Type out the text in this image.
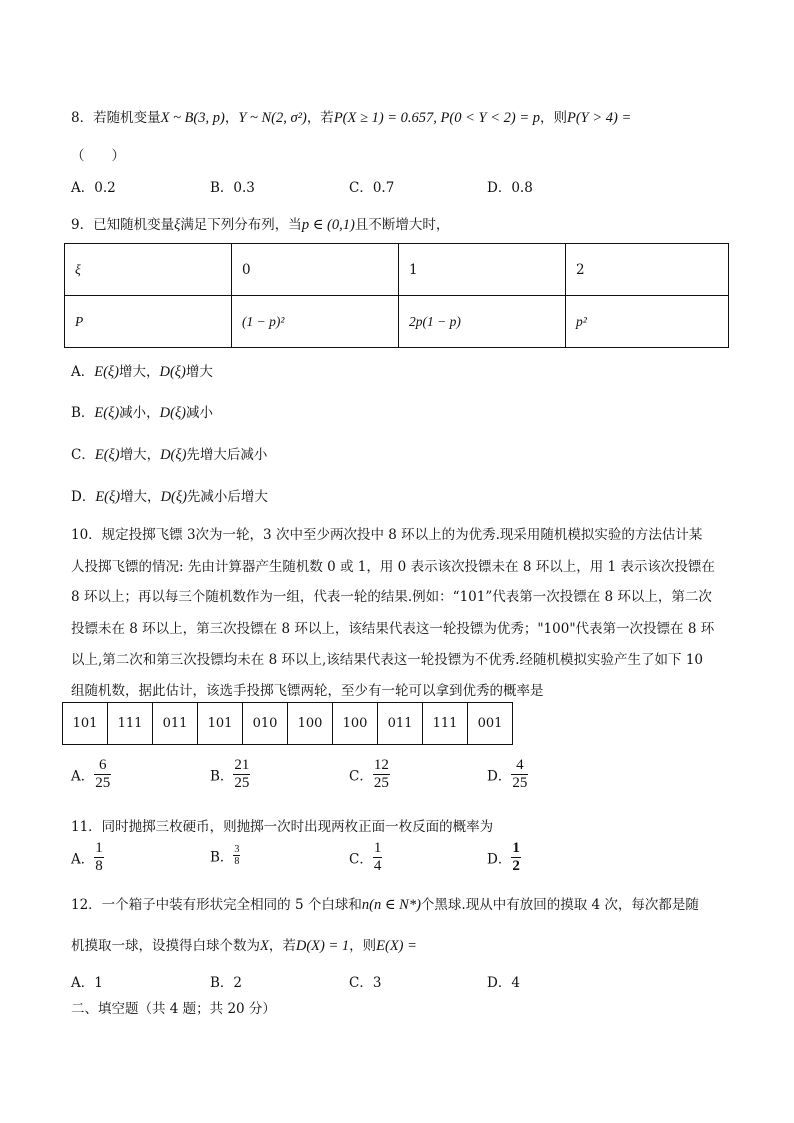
8．若随机变量X ~ B(3, p)，Y ~ N(2, σ²)，若P(X ≥ 1) = 0.657, P(0 < Y < 2) = p，则P(Y > 4) =
（　　）
A．0.2	B．0.3	C．0.7	D．0.8
9．已知随机变量ξ满足下列分布列，当p ∈ (0,1)且不断增大时，
ξ	0	1	2
P	(1 − p)²	2p(1 − p)	p²
A．E(ξ)增大，D(ξ)增大
B．E(ξ)减小，D(ξ)减小
C．E(ξ)增大，D(ξ)先增大后减小
D．E(ξ)增大，D(ξ)先减小后增大
10．规定投掷飞镖 3次为一轮，3 次中至少两次投中 8 环以上的为优秀.现采用随机模拟实验的方法估计某
人投掷飞镖的情况: 先由计算器产生随机数 0 或 1，用 0 表示该次投镖未在 8 环以上，用 1 表示该次投镖在
8 环以上；再以每三个随机数作为一组，代表一轮的结果.例如：“101”代表第一次投镖在 8 环以上，第二次
投镖未在 8 环以上，第三次投镖在 8 环以上，该结果代表这一轮投镖为优秀；"100"代表第一次投镖在 8 环
以上,第二次和第三次投镖均未在 8 环以上,该结果代表这一轮投镖为不优秀.经随机模拟实验产生了如下 10
组随机数，据此估计，该选手投掷飞镖两轮，至少有一轮可以拿到优秀的概率是
101	111	011	101	010	100	100	011	111	001
A． $\frac{6}{25}$	B． $\frac{21}{25}$	C． $\frac{12}{25}$	D． $\frac{4}{25}$
11．同时抛掷三枚硬币，则抛掷一次时出现两枚正面一枚反面的概率为
A． $\frac{1}{8}$	B． $\frac{3}{8}$	C． $\frac{1}{4}$	D． $\frac{1}{2}$
12．一个箱子中装有形状完全相同的 5 个白球和n(n ∈ N*)个黑球.现从中有放回的摸取 4 次，每次都是随
机摸取一球，设摸得白球个数为X，若D(X) = 1，则E(X) =
A．1	B．2	C．3	D．4
二、填空题（共 4 题；共 20 分）
